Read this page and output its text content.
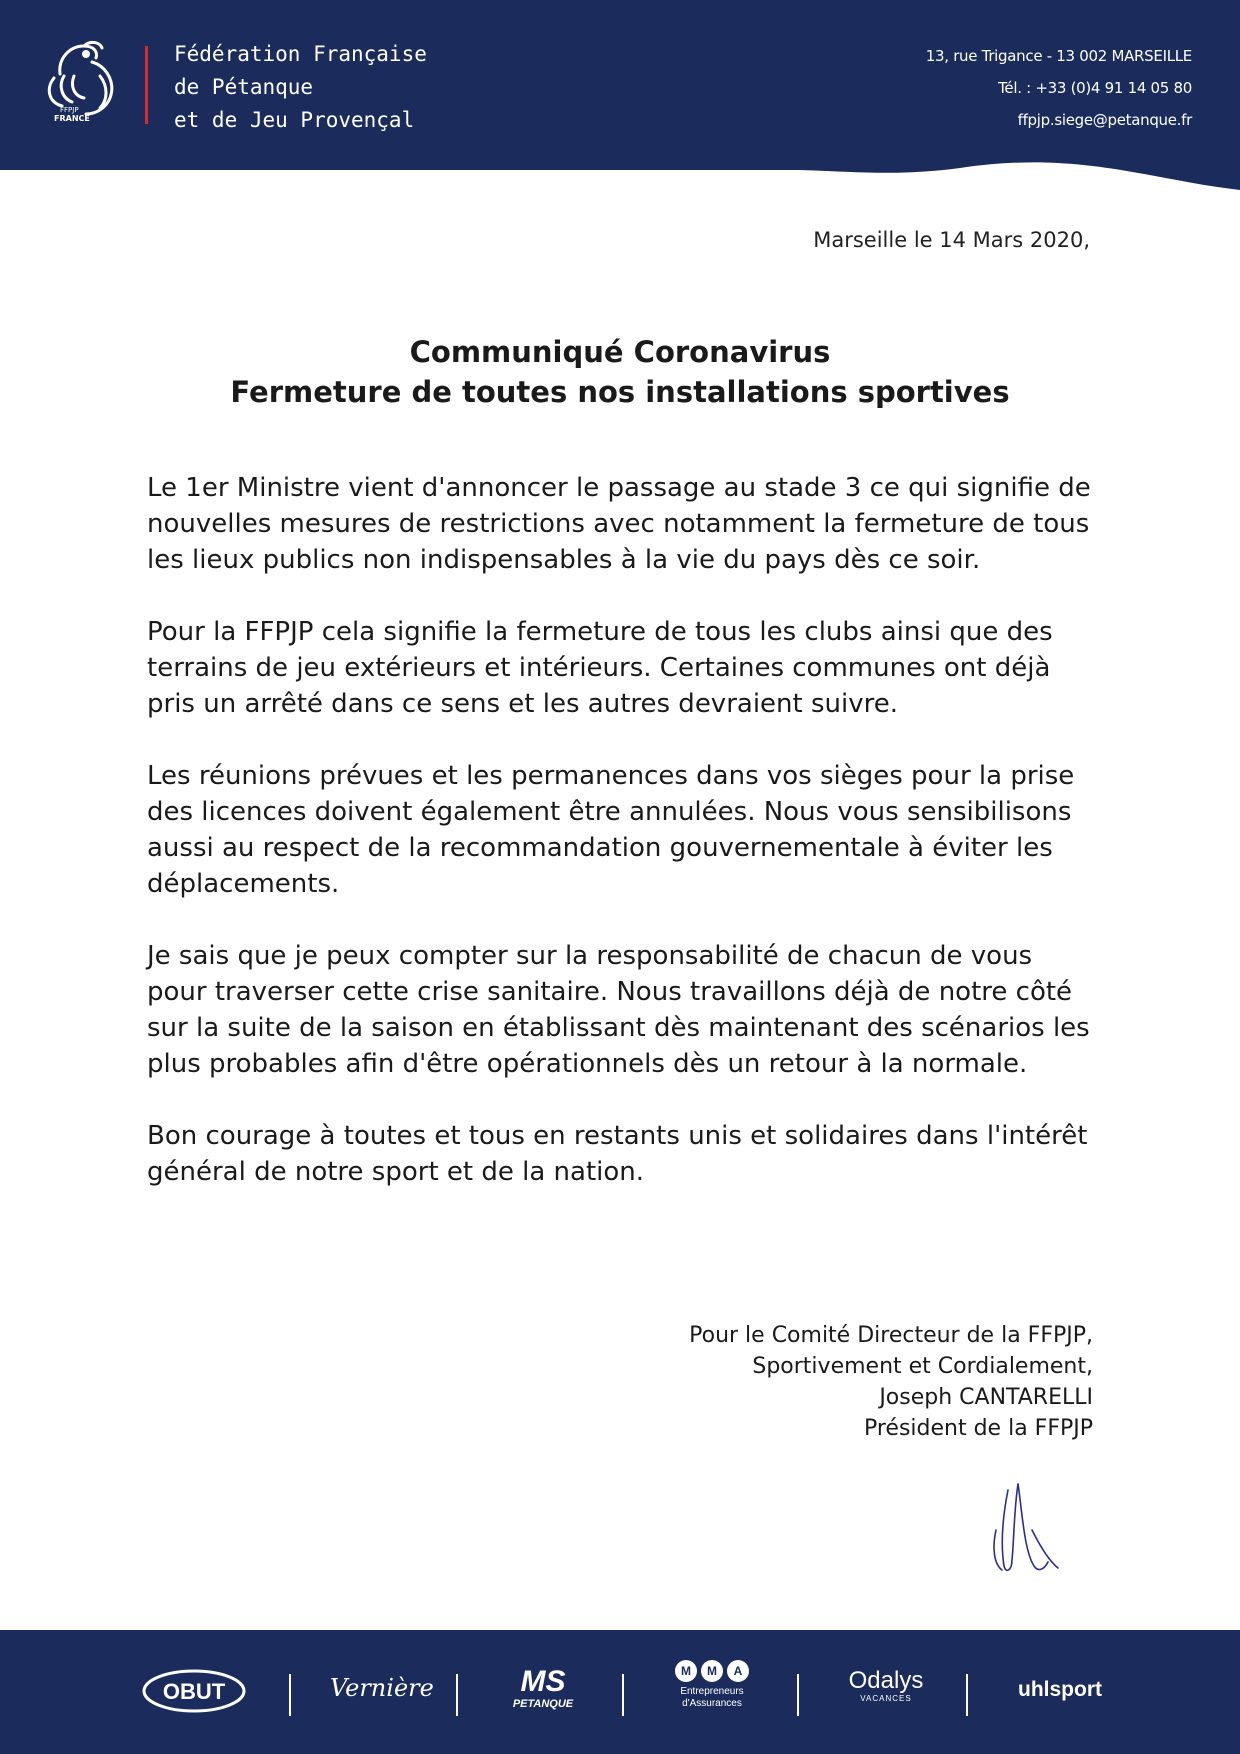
FFPJP
FRANCE
Fédération Française
de Pétanque
et de Jeu Provençal
13, rue Trigance - 13 002 MARSEILLE
Tél. : +33 (0)4 91 14 05 80
ffpjp.siege@petanque.fr
Marseille le 14 Mars 2020,
Communiqué Coronavirus
Fermeture de toutes nos installations sportives

Le 1er Ministre vient d'annoncer le passage au stade 3 ce qui signifie de nouvelles mesures de restrictions avec notamment la fermeture de tous les lieux publics non indispensables à la vie du pays dès ce soir.

Pour la FFPJP cela signifie la fermeture de tous les clubs ainsi que des terrains de jeu extérieurs et intérieurs. Certaines communes ont déjà pris un arrêté dans ce sens et les autres devraient suivre.

Les réunions prévues et les permanences dans vos sièges pour la prise des licences doivent également être annulées. Nous vous sensibilisons aussi au respect de la recommandation gouvernementale à éviter les déplacements.

Je sais que je peux compter sur la responsabilité de chacun de vous pour traverser cette crise sanitaire. Nous travaillons déjà de notre côté sur la suite de la saison en établissant dès maintenant des scénarios les plus probables afin d'être opérationnels dès un retour à la normale.

Bon courage à toutes et tous en restants unis et solidaires dans l'intérêt général de notre sport et de la nation.

Pour le Comité Directeur de la FFPJP,
Sportivement et Cordialement,
Joseph CANTARELLI
Président de la FFPJP
OBUT	Vernière	MS
PETANQUE
M	M	A
Entrepreneurs
d'Assurances
Odalys
VACANCES	uhlsport
